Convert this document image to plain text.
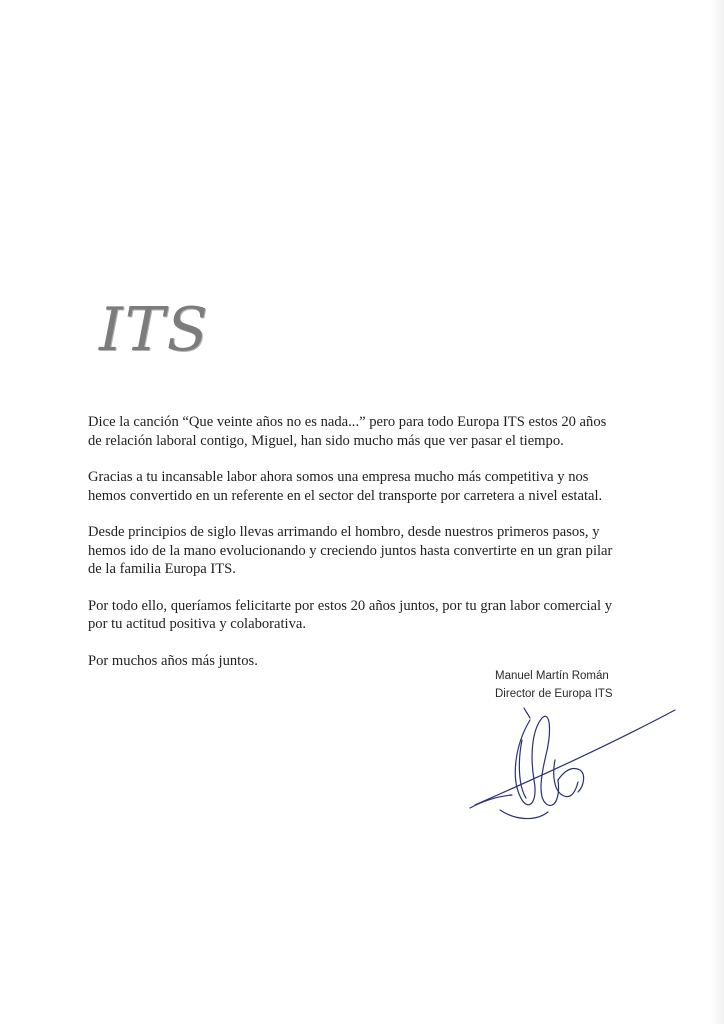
ITS

Dice la canción “Que veinte años no es nada...” pero para todo Europa ITS estos 20 años de relación laboral contigo, Miguel, han sido mucho más que ver pasar el tiempo.

Gracias a tu incansable labor ahora somos una empresa mucho más competitiva y nos hemos convertido en un referente en el sector del transporte por carretera a nivel estatal.

Desde principios de siglo llevas arrimando el hombro, desde nuestros primeros pasos, y hemos ido de la mano evolucionando y creciendo juntos hasta convertirte en un gran pilar de la familia Europa ITS.

Por todo ello, queríamos felicitarte por estos 20 años juntos, por tu gran labor comercial y por tu actitud positiva y colaborativa.

Por muchos años más juntos.

Manuel Martín Román
Director de Europa ITS
